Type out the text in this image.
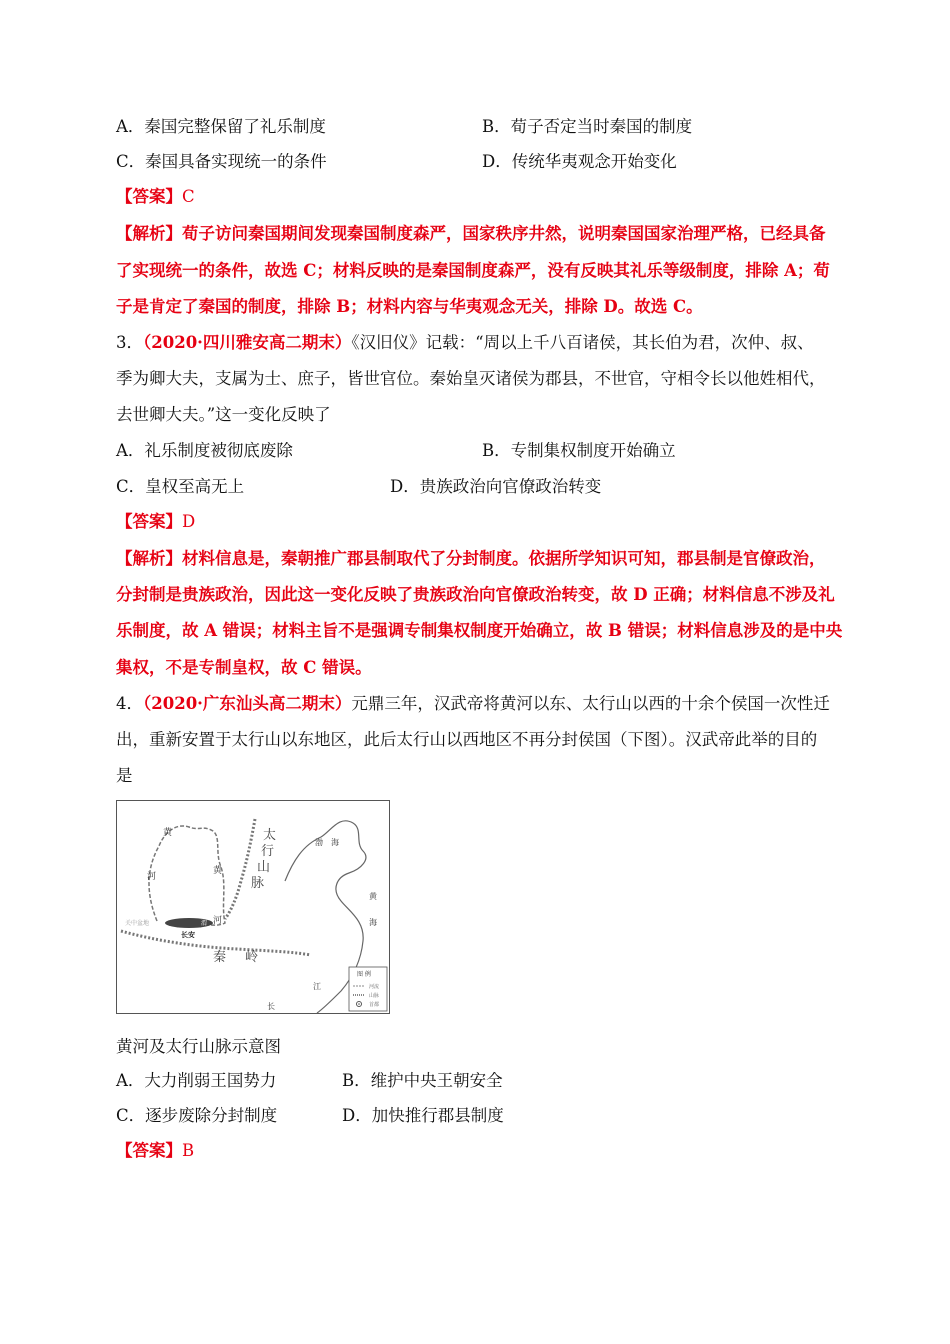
A．秦国完整保留了礼乐制度	B．荀子否定当时秦国的制度
C．秦国具备实现统一的条件	D．传统华夷观念开始变化
【答案】C
【解析】荀子访问秦国期间发现秦国制度森严，国家秩序井然，说明秦国国家治理严格，已经具备
了实现统一的条件，故选 C；材料反映的是秦国制度森严，没有反映其礼乐等级制度，排除 A；荀
子是肯定了秦国的制度，排除 B；材料内容与华夷观念无关，排除 D。故选 C。
3．（2020·四川雅安高二期末）《汉旧仪》记载：“周以上千八百诸侯，其长伯为君，次仲、叔、
季为卿大夫，支属为士、庶子，皆世官位。秦始皇灭诸侯为郡县，不世官，守相令长以他姓相代，
去世卿大夫。”这一变化反映了
A．礼乐制度被彻底废除	B．专制集权制度开始确立
C．皇权至高无上	D．贵族政治向官僚政治转变
【答案】D
【解析】材料信息是，秦朝推广郡县制取代了分封制度。依据所学知识可知，郡县制是官僚政治，
分封制是贵族政治，因此这一变化反映了贵族政治向官僚政治转变，故 D 正确；材料信息不涉及礼
乐制度，故 A 错误；材料主旨不是强调专制集权制度开始确立，故 B 错误；材料信息涉及的是中央
集权，不是专制皇权，故 C 错误。
4．（2020·广东汕头高二期末）元鼎三年，汉武帝将黄河以东、太行山以西的十余个侯国一次性迁
出，重新安置于太行山以东地区，此后太行山以西地区不再分封侯国（下图）。汉武帝此举的目的
是
黄
河
黄
河
太
行
山
脉
渤 海
黄
海
关中盆地	渭
长安
秦 岭
江
长
图 例
河流
山脉
首都
黄河及太行山脉示意图
A．大力削弱王国势力	B．维护中央王朝安全
C．逐步废除分封制度	D．加快推行郡县制度
【答案】B
